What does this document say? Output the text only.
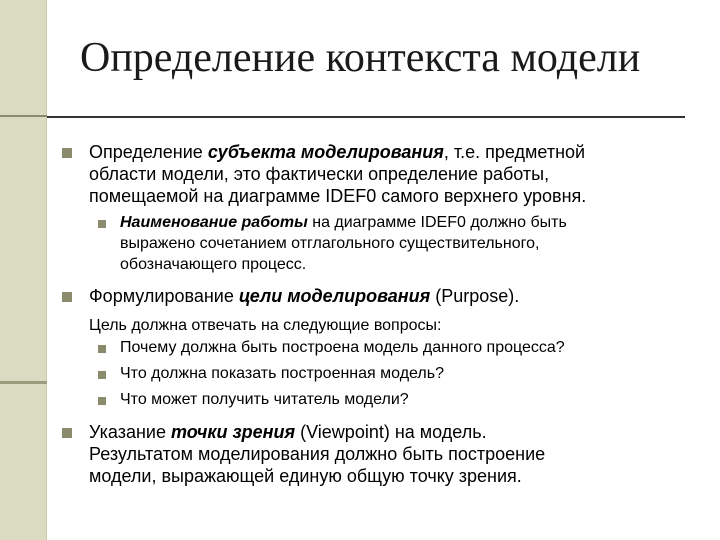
Определение контекста модели
Определение субъекта моделирования, т.е. предметной
области модели, это фактически определение работы,
помещаемой на диаграмме IDEF0 самого верхнего уровня.
Наименование работы на диаграмме IDEF0 должно быть
выражено сочетанием отглагольного существительного,
обозначающего процесс.
Формулирование цели моделирования (Purpose).
Цель должна отвечать на следующие вопросы:
Почему должна быть построена модель данного процесса?
Что должна показать построенная модель?
Что может получить читатель модели?
Указание точки зрения (Viewpoint) на модель.
Результатом моделирования должно быть построение
модели, выражающей единую общую точку зрения.
